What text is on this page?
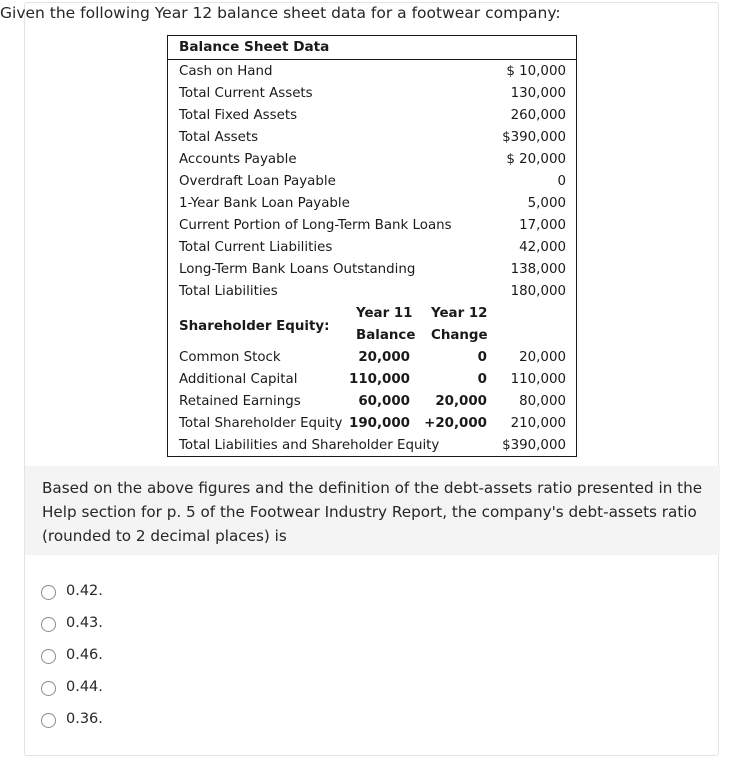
Given the following Year 12 balance sheet data for a footwear company:
Balance Sheet Data
Cash on Hand	$ 10,000
Total Current Assets	130,000
Total Fixed Assets	260,000
Total Assets	$390,000
Accounts Payable	$ 20,000
Overdraft Loan Payable	0
1-Year Bank Loan Payable	5,000
Current Portion of Long-Term Bank Loans	17,000
Total Current Liabilities	42,000
Long-Term Bank Loans Outstanding	138,000
Total Liabilities	180,000
Shareholder Equity:
Year 11 Year 12
Balance Change
Common Stock	20,000	0 20,000
Additional Capital	110,000	0 110,000
Retained Earnings	60,000 20,000 80,000
Total Shareholder Equity 190,000 +20,000 210,000
Total Liabilities and Shareholder Equity	$390,000
Based on the above figures and the definition of the debt-assets ratio presented in the Help section for p. 5 of the Footwear Industry Report, the company's debt-assets ratio (rounded to 2 decimal places) is
0.42.
0.43.
0.46.
0.44.
0.36.
